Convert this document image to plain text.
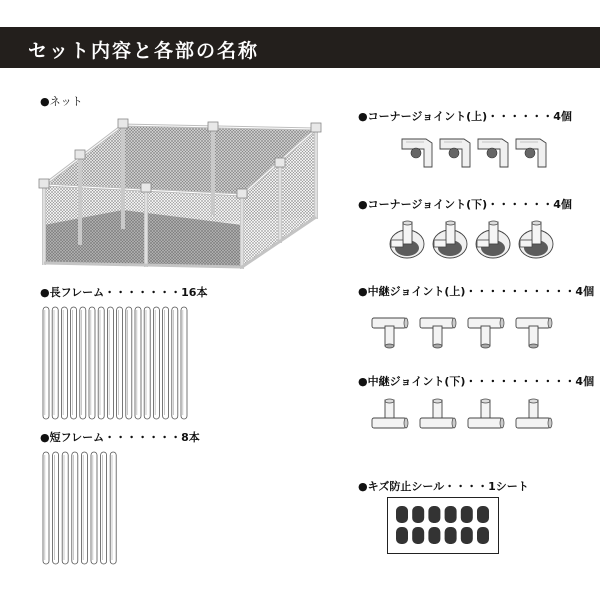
セット内容と各部の名称
●ネット
●長フレーム・・・・・・・16本
●短フレーム・・・・・・・8本
●コーナージョイント(上)・・・・・・4個
●コーナージョイント(下)・・・・・・4個
●中継ジョイント(上)・・・・・・・・・・4個
●中継ジョイント(下)・・・・・・・・・・4個
●キズ防止シール・・・・1シート
